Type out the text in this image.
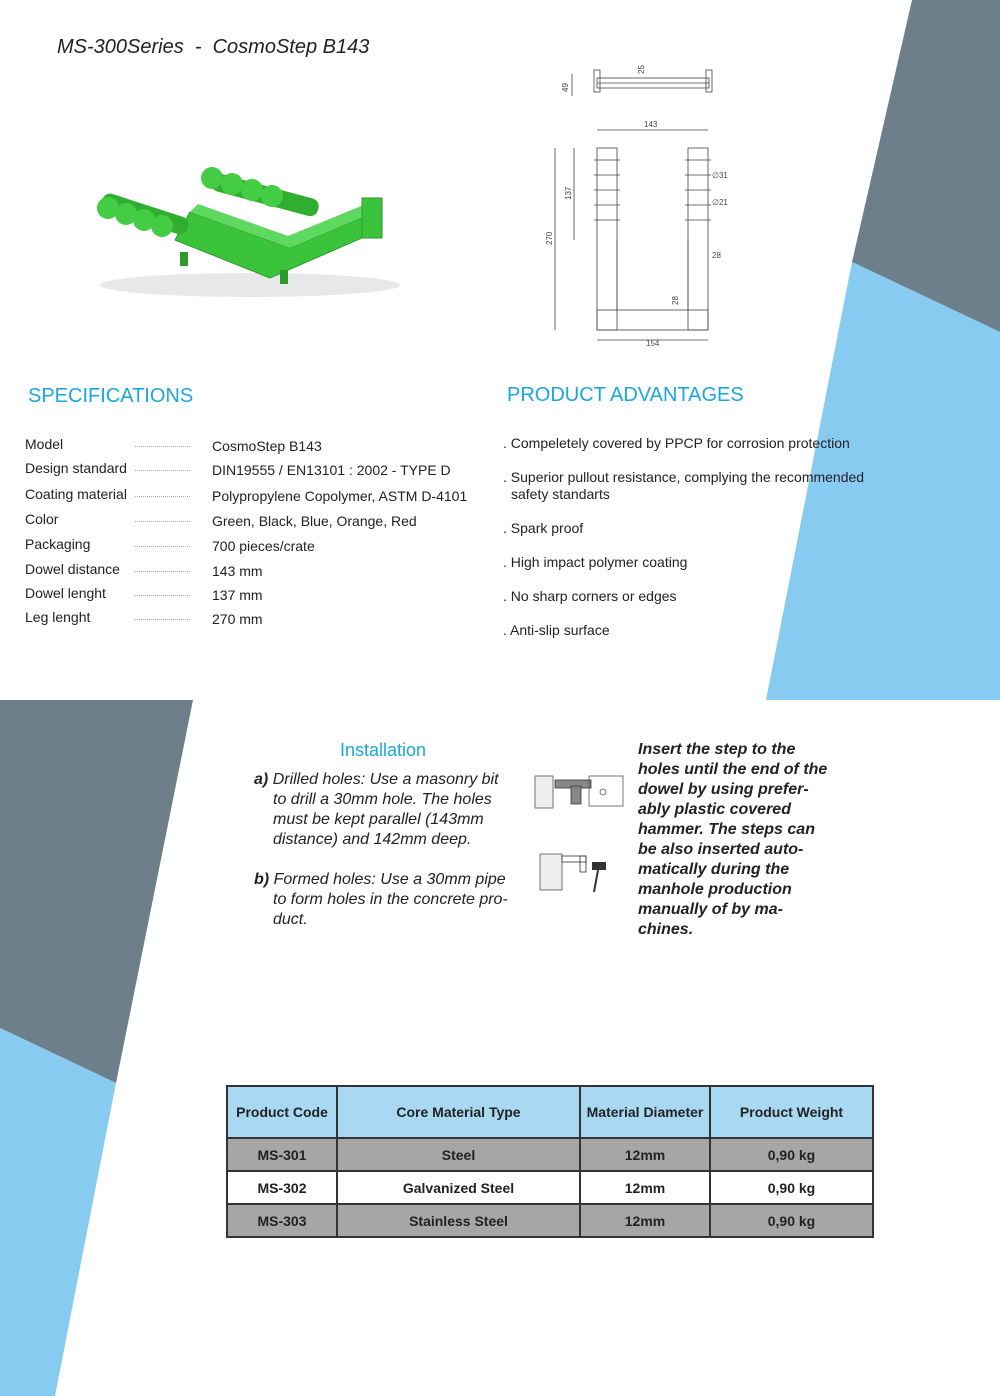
MS-300Series  -  CosmoStep B143
25
49
143
137
270
∅31
∅21
28
28
154
SPECIFICATIONS
Model	CosmoStep B143
Design standard	DIN19555 / EN13101 : 2002 - TYPE D
Coating material	Polypropylene Copolymer, ASTM D-4101
Color	Green, Black, Blue, Orange, Red
Packaging	700 pieces/crate
Dowel distance	143 mm
Dowel lenght	137 mm
Leg lenght	270 mm
PRODUCT ADVANTAGES
. Compeletely covered by PPCP for corrosion protection
. Superior pullout resistance, complying the recommended
safety standarts
. Spark proof
. High impact polymer coating
. No sharp corners or edges
. Anti-slip surface
Installation
a) Drilled holes: Use a masonry bit
to drill a 30mm hole. The holes
must be kept parallel (143mm
distance) and 142mm deep.
b) Formed holes: Use a 30mm pipe
to form holes in the concrete pro-
duct.
Insert the step to the
holes until the end of the
dowel by using prefer-
ably plastic covered
hammer. The steps can
be also inserted auto-
matically during the
manhole production
manually of by ma-
chines.
Product Code	Core Material Type	Material Diameter	Product Weight
MS-301	Steel	12mm	0,90 kg
MS-302	Galvanized Steel	12mm	0,90 kg
MS-303	Stainless Steel	12mm	0,90 kg
